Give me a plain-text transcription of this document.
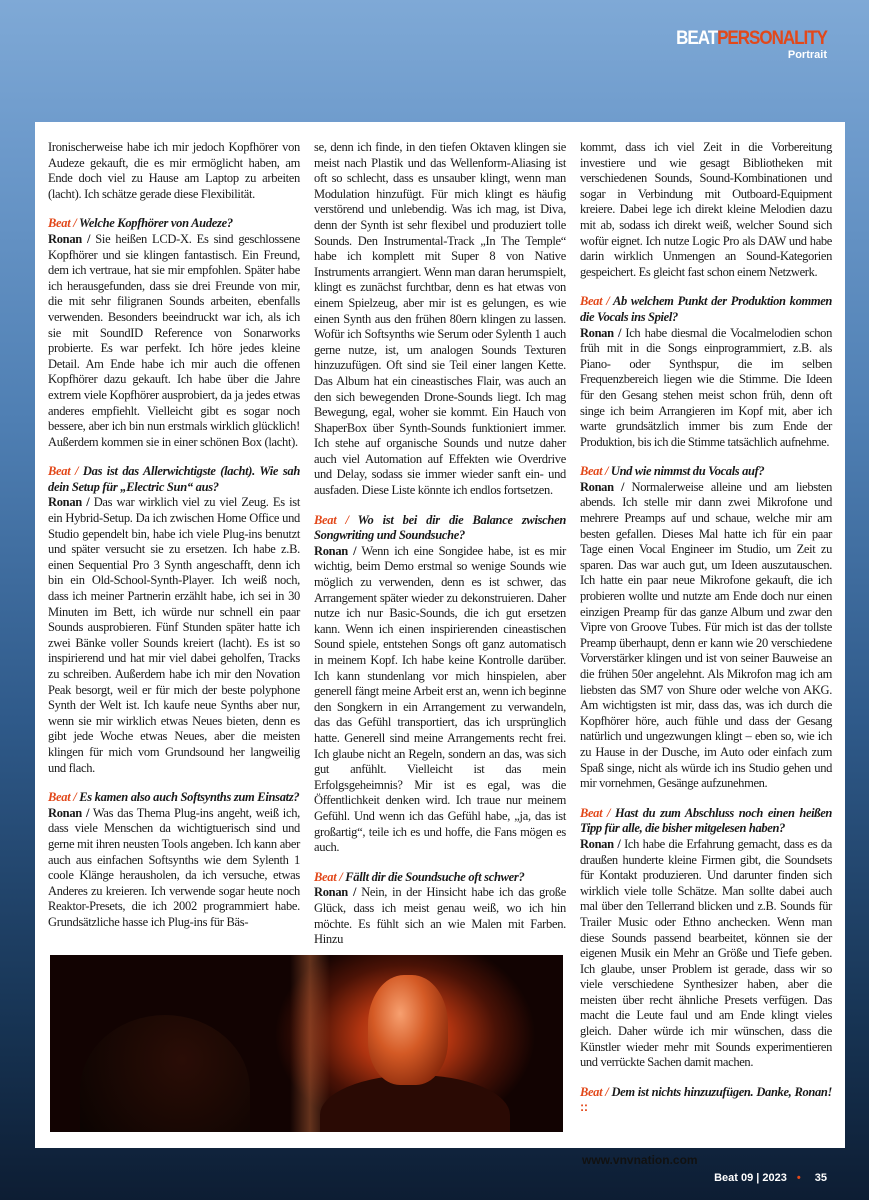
BEATPERSONALITY
Portrait

Ironischerweise habe ich mir jedoch Kopfhörer von Audeze gekauft, die es mir ermöglicht haben, am Ende doch viel zu Hause am Laptop zu arbeiten (lacht). Ich schätze gerade diese Flexibilität.

Beat / Welche Kopfhörer von Audeze?

Ronan / Sie heißen LCD-X. Es sind geschlossene Kopfhörer und sie klingen fantastisch. Ein Freund, dem ich vertraue, hat sie mir empfohlen. Später habe ich herausgefunden, dass sie drei Freunde von mir, die mit sehr filigranen Sounds arbeiten, ebenfalls verwenden. Besonders beeindruckt war ich, als ich sie mit SoundID Reference von Sonarworks probierte. Es war perfekt. Ich höre jedes kleine Detail. Am Ende habe ich mir auch die offenen Kopfhörer dazu gekauft. Ich habe über die Jahre extrem viele Kopfhörer ausprobiert, da ja jedes etwas anderes empfiehlt. Vielleicht gibt es sogar noch bessere, aber ich bin nun erstmals wirklich glücklich! Außerdem kommen sie in einer schönen Box (lacht).

Beat / Das ist das Allerwichtigste (lacht). Wie sah dein Setup für „Electric Sun“ aus?

Ronan / Das war wirklich viel zu viel Zeug. Es ist ein Hybrid-Setup. Da ich zwischen Home Office und Studio gependelt bin, habe ich viele Plug-ins benutzt und später versucht sie zu ersetzen. Ich habe z.B. einen Sequential Pro 3 Synth angeschafft, denn ich bin ein Old-School-Synth-Player. Ich weiß noch, dass ich meiner Partnerin erzählt habe, ich sei in 30 Minuten im Bett, ich würde nur schnell ein paar Sounds ausprobieren. Fünf Stunden später hatte ich zwei Bänke voller Sounds kreiert (lacht). Es ist so inspirierend und hat mir viel dabei geholfen, Tracks zu schreiben. Außerdem habe ich mir den Novation Peak besorgt, weil er für mich der beste polyphone Synth der Welt ist. Ich kaufe neue Synths aber nur, wenn sie mir wirklich etwas Neues bieten, denn es gibt jede Woche etwas Neues, aber die meisten klingen für mich vom Grundsound her langweilig und flach.

Beat / Es kamen also auch Softsynths zum Einsatz?

Ronan / Was das Thema Plug-ins angeht, weiß ich, dass viele Menschen da wichtigtuerisch sind und gerne mit ihren neusten Tools angeben. Ich kann aber auch aus einfachen Softsynths wie dem Sylenth 1 coole Klänge herausholen, da ich versuche, etwas Anderes zu kreieren. Ich verwende sogar heute noch Reaktor-Presets, die ich 2002 programmiert habe. Grundsätzliche hasse ich Plug-ins für Bäs-

se, denn ich finde, in den tiefen Oktaven klingen sie meist nach Plastik und das Wellenform-Aliasing ist oft so schlecht, dass es unsauber klingt, wenn man Modulation hinzufügt. Für mich klingt es häufig verstörend und unlebendig. Was ich mag, ist Diva, denn der Synth ist sehr flexibel und produziert tolle Sounds. Den Instrumental-Track „In The Temple“ habe ich komplett mit Super 8 von Native Instruments arrangiert. Wenn man daran herumspielt, klingt es zunächst furchtbar, denn es hat etwas von einem Spielzeug, aber mir ist es gelungen, es wie einen Synth aus den frühen 80ern klingen zu lassen. Wofür ich Softsynths wie Serum oder Sylenth 1 auch gerne nutze, ist, um analogen Sounds Texturen hinzuzufügen. Oft sind sie Teil einer langen Kette. Das Album hat ein cineastisches Flair, was auch an den sich bewegenden Drone-Sounds liegt. Ich mag Bewegung, egal, woher sie kommt. Ein Hauch von ShaperBox über Synth-Sounds funktioniert immer. Ich stehe auf organische Sounds und nutze daher auch viel Automation auf Effekten wie Overdrive und Delay, sodass sie immer wieder sanft ein- und ausfaden. Diese Liste könnte ich endlos fortsetzen.

Beat / Wo ist bei dir die Balance zwischen Songwriting und Soundsuche?

Ronan / Wenn ich eine Songidee habe, ist es mir wichtig, beim Demo erstmal so wenige Sounds wie möglich zu verwenden, denn es ist schwer, das Arrangement später wieder zu dekonstruieren. Daher nutze ich nur Basic-Sounds, die ich gut ersetzen kann. Wenn ich einen inspirierenden cineastischen Sound spiele, entstehen Songs oft ganz automatisch in meinem Kopf. Ich habe keine Kontrolle darüber. Ich kann stundenlang vor mich hinspielen, aber generell fängt meine Arbeit erst an, wenn ich beginne den Songkern in ein Arrangement zu verwandeln, das das Gefühl transportiert, das ich ursprünglich hatte. Generell sind meine Arrangements recht frei. Ich glaube nicht an Regeln, sondern an das, was sich gut anfühlt. Vielleicht ist das mein Erfolgsgeheimnis? Mir ist es egal, was die Öffentlichkeit denken wird. Ich traue nur meinem Gefühl. Und wenn ich das Gefühl habe, „ja, das ist großartig“, teile ich es und hoffe, die Fans mögen es auch.

Beat / Fällt dir die Soundsuche oft schwer?

Ronan / Nein, in der Hinsicht habe ich das große Glück, dass ich meist genau weiß, wo ich hin möchte. Es fühlt sich an wie Malen mit Farben. Hinzu

kommt, dass ich viel Zeit in die Vorbereitung investiere und wie gesagt Bibliotheken mit verschiedenen Sounds, Sound-Kombinationen und sogar in Verbindung mit Outboard-Equipment kreiere. Dabei lege ich direkt kleine Melodien dazu mit ab, sodass ich direkt weiß, welcher Sound sich wofür eignet. Ich nutze Logic Pro als DAW und habe darin wirklich Unmengen an Sound-Kategorien gespeichert. Es gleicht fast schon einem Netzwerk.

Beat / Ab welchem Punkt der Produktion kommen die Vocals ins Spiel?

Ronan / Ich habe diesmal die Vocalmelodien schon früh mit in die Songs einprogrammiert, z.B. als Piano- oder Synthspur, die im selben Frequenzbereich liegen wie die Stimme. Die Ideen für den Gesang stehen meist schon früh, denn oft singe ich beim Arrangieren im Kopf mit, aber ich warte grundsätzlich immer bis zum Ende der Produktion, bis ich die Stimme tatsächlich aufnehme.

Beat / Und wie nimmst du Vocals auf?

Ronan / Normalerweise alleine und am liebsten abends. Ich stelle mir dann zwei Mikrofone und mehrere Preamps auf und schaue, welche mir am besten gefallen. Dieses Mal hatte ich für ein paar Tage einen Vocal Engineer im Studio, um Zeit zu sparen. Das war auch gut, um Ideen auszutauschen. Ich hatte ein paar neue Mikrofone gekauft, die ich probieren wollte und nutzte am Ende doch nur einen einzigen Preamp für das ganze Album und zwar den Vipre von Groove Tubes. Für mich ist das der tollste Preamp überhaupt, denn er kann wie 20 verschiedene Vorverstärker klingen und ist von seiner Bauweise an die frühen 50er angelehnt. Als Mikrofon mag ich am liebsten das SM7 von Shure oder welche von AKG. Am wichtigsten ist mir, dass das, was ich durch die Kopfhörer höre, auch fühle und dass der Gesang natürlich und ungezwungen klingt – eben so, wie ich zu Hause in der Dusche, im Auto oder einfach zum Spaß singe, nicht als würde ich ins Studio gehen und mir vornehmen, Gesänge aufzunehmen.

Beat / Hast du zum Abschluss noch einen heißen Tipp für alle, die bisher mitgelesen haben?

Ronan / Ich habe die Erfahrung gemacht, dass es da draußen hunderte kleine Firmen gibt, die Soundsets für Kontakt produzieren. Und darunter finden sich wirklich viele tolle Schätze. Man sollte dabei auch mal über den Tellerrand blicken und z.B. Sounds für Trailer Music oder Ethno anchecken. Wenn man diese Sounds passend bearbeitet, können sie der eigenen Musik ein Mehr an Größe und Tiefe geben. Ich glaube, unser Problem ist gerade, dass wir so viele verschiedene Synthesizer haben, aber die meisten über recht ähnliche Presets verfügen. Das macht die Leute faul und am Ende klingt vieles gleich. Daher würde ich mir wünschen, dass die Künstler wieder mehr mit Sounds experimentieren und verrückte Sachen damit machen.

Beat / Dem ist nichts hinzuzufügen. Danke, Ronan! ::

www.vnvnation.com
Beat 09 | 2023 • 35
